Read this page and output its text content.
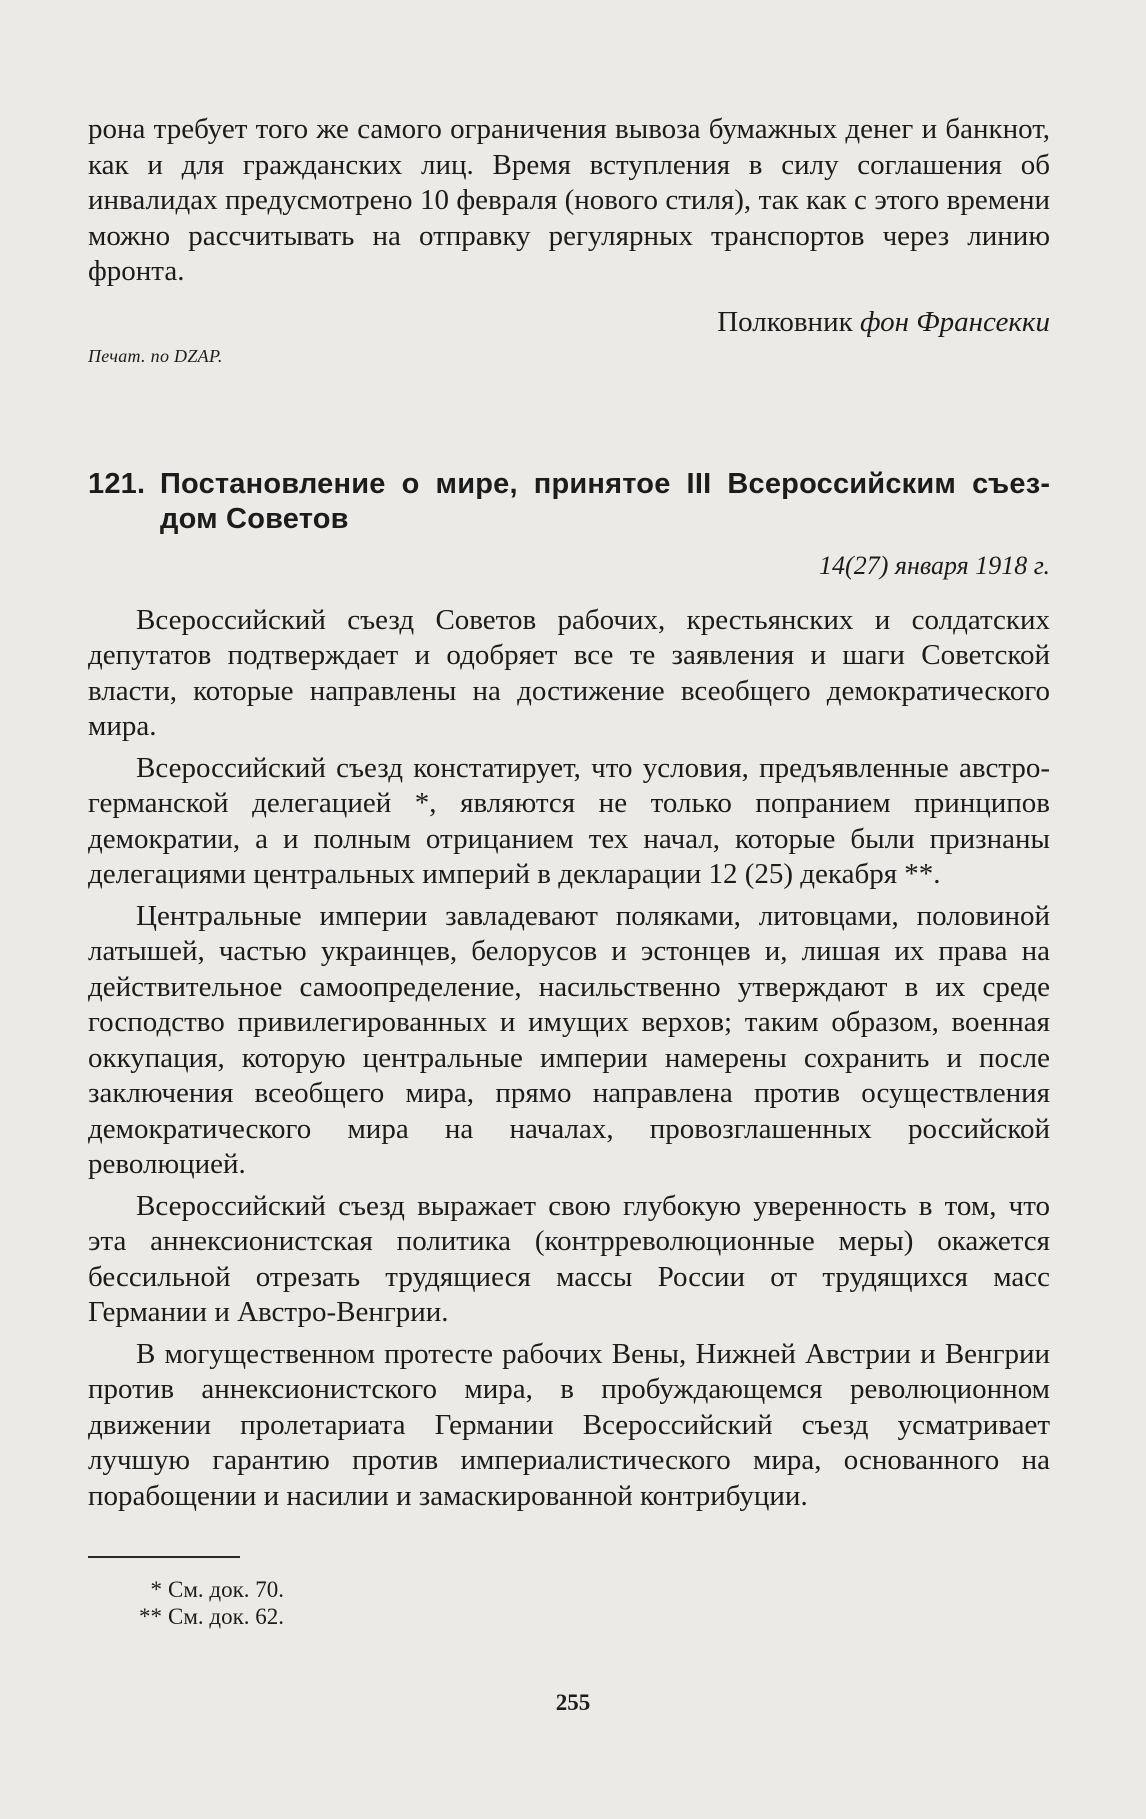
рона требует того же самого ограничения вывоза бумажных денег и банкнот, как и для гражданских лиц. Время вступления в силу соглашения об инвалидах предусмотрено 10 февраля (нового стиля), так как с этого времени можно рассчитывать на отправку регулярных транспортов через линию фронта.

Полковник фон Франсекки
Печат. по DZAP.
121. Постановление о мире, принятое III Всероссийским съездом Советов
14(27) января 1918 г.

Всероссийский съезд Советов рабочих, крестьянских и солдатских депутатов подтверждает и одобряет все те заявления и шаги Советской власти, которые направлены на достижение всеобщего демократического мира.

Всероссийский съезд констатирует, что условия, предъявленные австро-германской делегацией *, являются не только попранием принципов демократии, а и полным отрицанием тех начал, которые были признаны делегациями центральных империй в декларации 12 (25) декабря **.

Центральные империи завладевают поляками, литовцами, половиной латышей, частью украинцев, белорусов и эстонцев и, лишая их права на действительное самоопределение, насильственно утверждают в их среде господство привилегированных и имущих верхов; таким образом, военная оккупация, которую центральные империи намерены сохранить и после заключения всеобщего мира, прямо направлена против осуществления демократического мира на началах, провозглашенных российской революцией.

Всероссийский съезд выражает свою глубокую уверенность в том, что эта аннексионистская политика (контрреволюционные меры) окажется бессильной отрезать трудящиеся массы России от трудящихся масс Германии и Австро-Венгрии.

В могущественном протесте рабочих Вены, Нижней Австрии и Венгрии против аннексионистского мира, в пробуждающемся революционном движении пролетариата Германии Всероссийский съезд усматривает лучшую гарантию против империалистического мира, основанного на порабощении и насилии и замаскированной контрибуции.

* См. док. 70.
** См. док. 62.
255
